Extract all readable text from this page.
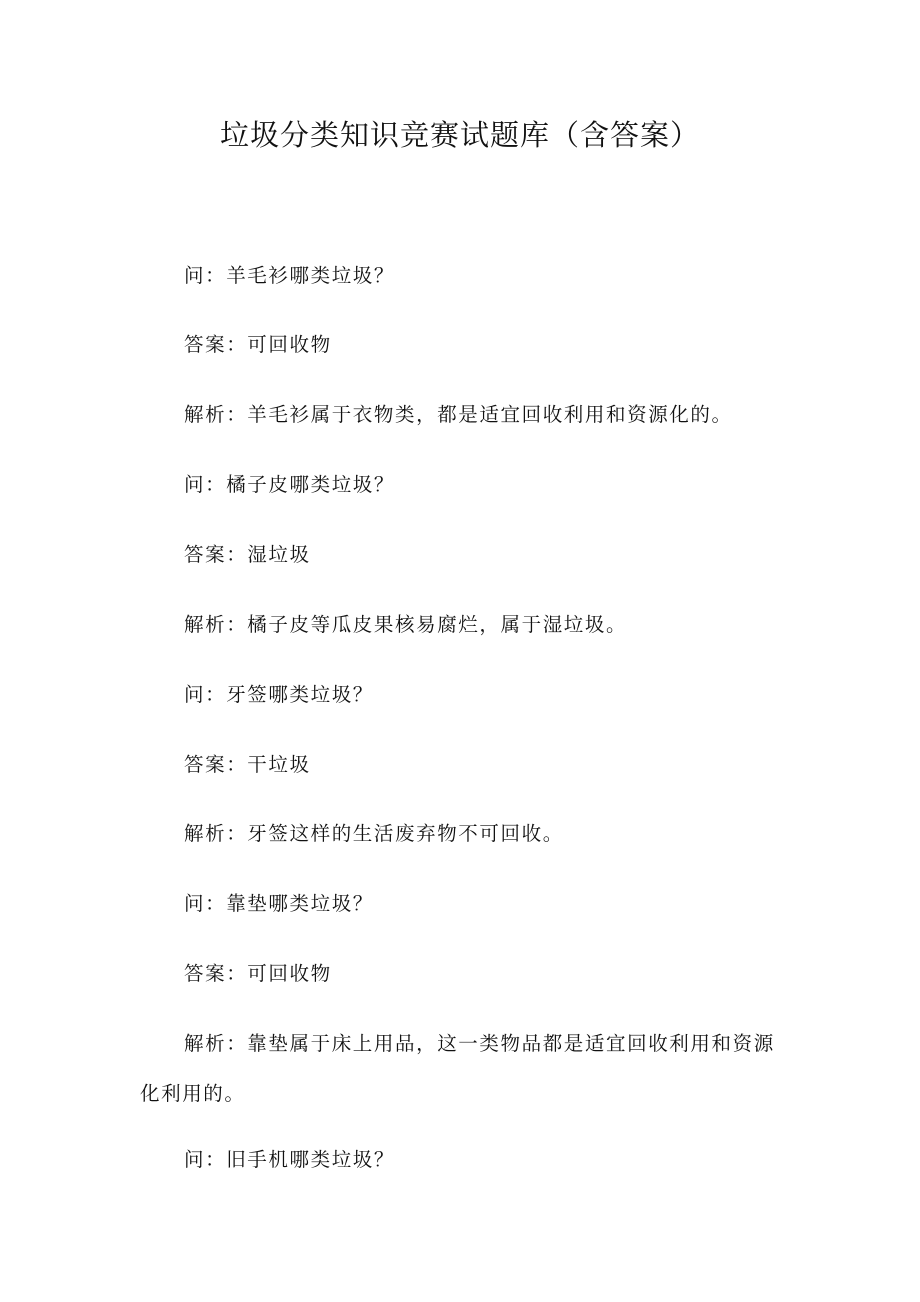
垃圾分类知识竞赛试题库（含答案）

问：羊毛衫哪类垃圾？

答案：可回收物

解析：羊毛衫属于衣物类，都是适宜回收利用和资源化的。

问：橘子皮哪类垃圾？

答案：湿垃圾

解析：橘子皮等瓜皮果核易腐烂，属于湿垃圾。

问：牙签哪类垃圾？

答案：干垃圾

解析：牙签这样的生活废弃物不可回收。

问：靠垫哪类垃圾？

答案：可回收物

解析：靠垫属于床上用品，这一类物品都是适宜回收利用和资源化利用的。

问：旧手机哪类垃圾？
